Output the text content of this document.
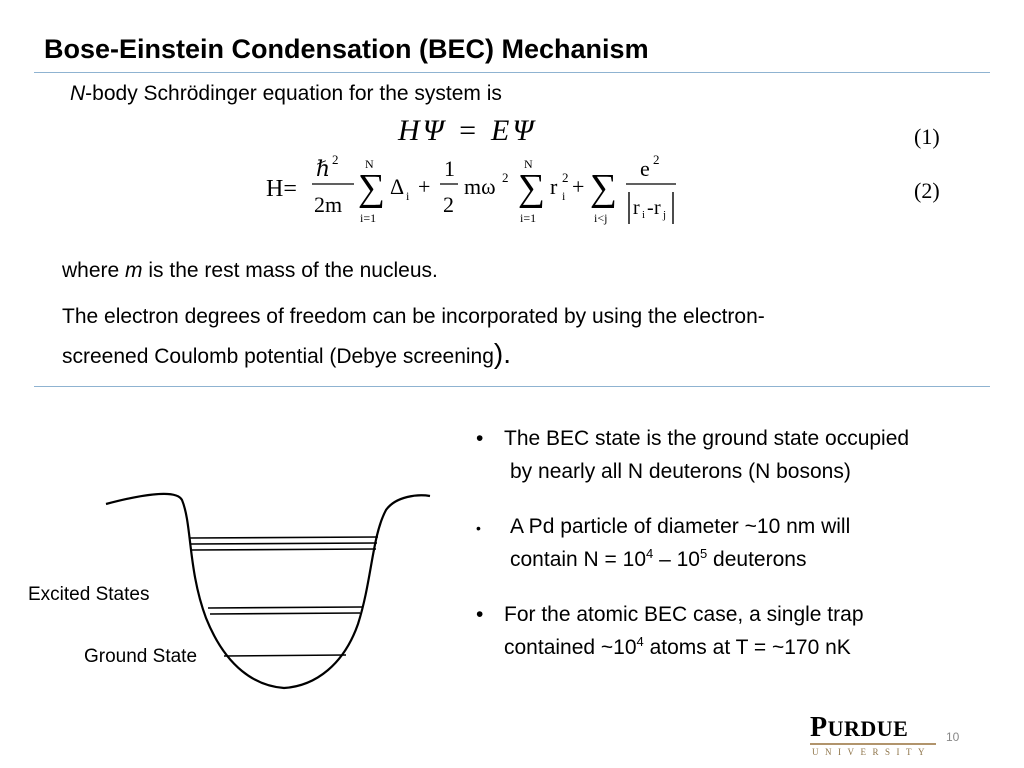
Bose-Einstein Condensation (BEC) Mechanism
N-body Schrödinger equation for the system is
HΨ = EΨ	(1)
H=
ℏ 2
2m
N
∑
i=1
Δ i +
1
2
mω 2
N
∑
i=1
r 2
i + ∑
i<j
e 2
r i - r j
(2)
where m is the rest mass of the nucleus.
The electron degrees of freedom can be incorporated by using the electron-
screened Coulomb potential (Debye screening).
Excited States
Ground State
• The BEC state is the ground state occupied
by nearly all N deuterons (N bosons)
• A Pd particle of diameter ~10 nm will
contain $N = 10^4 - 10^5$ deuterons
• For the atomic BEC case, a single trap
contained $\sim 10^4$ atoms at T = ~170 nK
PURDUE
UNIVERSITY
10
